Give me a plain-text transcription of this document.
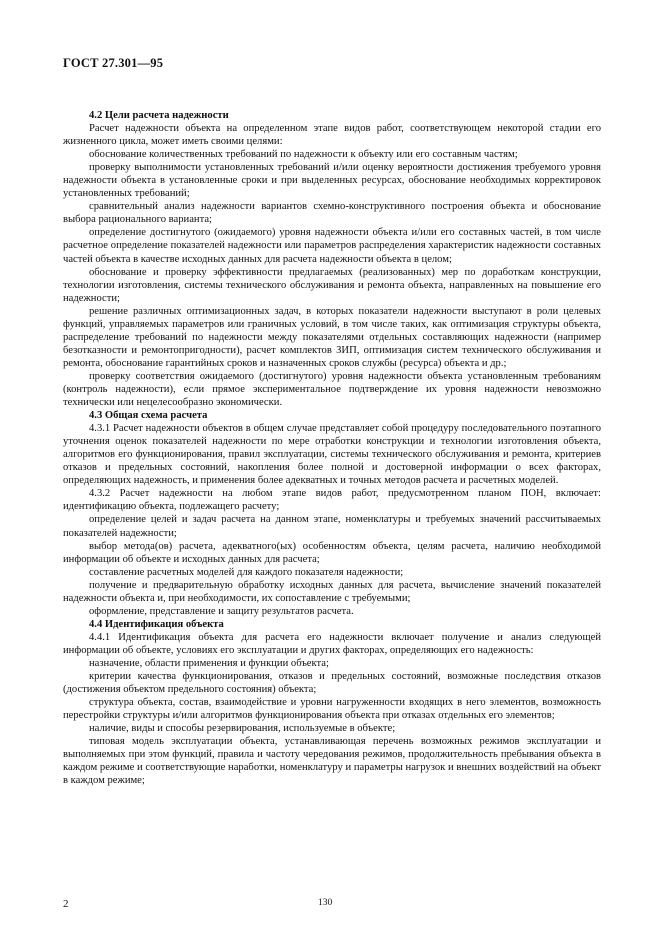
ГОСТ 27.301—95
4.2 Цели расчета надежности
Расчет надежности объекта на определенном этапе видов работ, соответствующем некоторой стадии его жизненного цикла, может иметь своими целями:
обоснование количественных требований по надежности к объекту или его составным частям;
проверку выполнимости установленных требований и/или оценку вероятности достижения требуемого уровня надежности объекта в установленные сроки и при выделенных ресурсах, обоснование необходимых корректировок установленных требований;
сравнительный анализ надежности вариантов схемно-конструктивного построения объекта и обоснование выбора рационального варианта;
определение достигнутого (ожидаемого) уровня надежности объекта и/или его составных частей, в том числе расчетное определение показателей надежности или параметров распределения характеристик надежности составных частей объекта в качестве исходных данных для расчета надежности объекта в целом;
обоснование и проверку эффективности предлагаемых (реализованных) мер по доработкам конструкции, технологии изготовления, системы технического обслуживания и ремонта объекта, направленных на повышение его надежности;
решение различных оптимизационных задач, в которых показатели надежности выступают в роли целевых функций, управляемых параметров или граничных условий, в том числе таких, как оптимизация структуры объекта, распределение требований по надежности между показателями отдельных составляющих надежности (например безотказности и ремонтопригодности), расчет комплектов ЗИП, оптимизация систем технического обслуживания и ремонта, обоснование гарантийных сроков и назначенных сроков службы (ресурса) объекта и др.;
проверку соответствия ожидаемого (достигнутого) уровня надежности объекта установленным требованиям (контроль надежности), если прямое экспериментальное подтверждение их уровня надежности невозможно технически или нецелесообразно экономически.
4.3 Общая схема расчета
4.3.1 Расчет надежности объектов в общем случае представляет собой процедуру последовательного поэтапного уточнения оценок показателей надежности по мере отработки конструкции и технологии изготовления объекта, алгоритмов его функционирования, правил эксплуатации, системы технического обслуживания и ремонта, критериев отказов и предельных состояний, накопления более полной и достоверной информации о всех факторах, определяющих надежность, и применения более адекватных и точных методов расчета и расчетных моделей.
4.3.2 Расчет надежности на любом этапе видов работ, предусмотренном планом ПОН, включает: идентификацию объекта, подлежащего расчету;
определение целей и задач расчета на данном этапе, номенклатуры и требуемых значений рассчитываемых показателей надежности;
выбор метода(ов) расчета, адекватного(ых) особенностям объекта, целям расчета, наличию необходимой информации об объекте и исходных данных для расчета;
составление расчетных моделей для каждого показателя надежности;
получение и предварительную обработку исходных данных для расчета, вычисление значений показателей надежности объекта и, при необходимости, их сопоставление с требуемыми;
оформление, представление и защиту результатов расчета.
4.4 Идентификация объекта
4.4.1 Идентификация объекта для расчета его надежности включает получение и анализ следующей информации об объекте, условиях его эксплуатации и других факторах, определяющих его надежность:
назначение, области применения и функции объекта;
критерии качества функционирования, отказов и предельных состояний, возможные последствия отказов (достижения объектом предельного состояния) объекта;
структура объекта, состав, взаимодействие и уровни нагруженности входящих в него элементов, возможность перестройки структуры и/или алгоритмов функционирования объекта при отказах отдельных его элементов;
наличие, виды и способы резервирования, используемые в объекте;
типовая модель эксплуатации объекта, устанавливающая перечень возможных режимов эксплуатации и выполняемых при этом функций, правила и частоту чередования режимов, продолжительность пребывания объекта в каждом режиме и соответствующие наработки, номенклатуру и параметры нагрузок и внешних воздействий на объект в каждом режиме;
2	130
